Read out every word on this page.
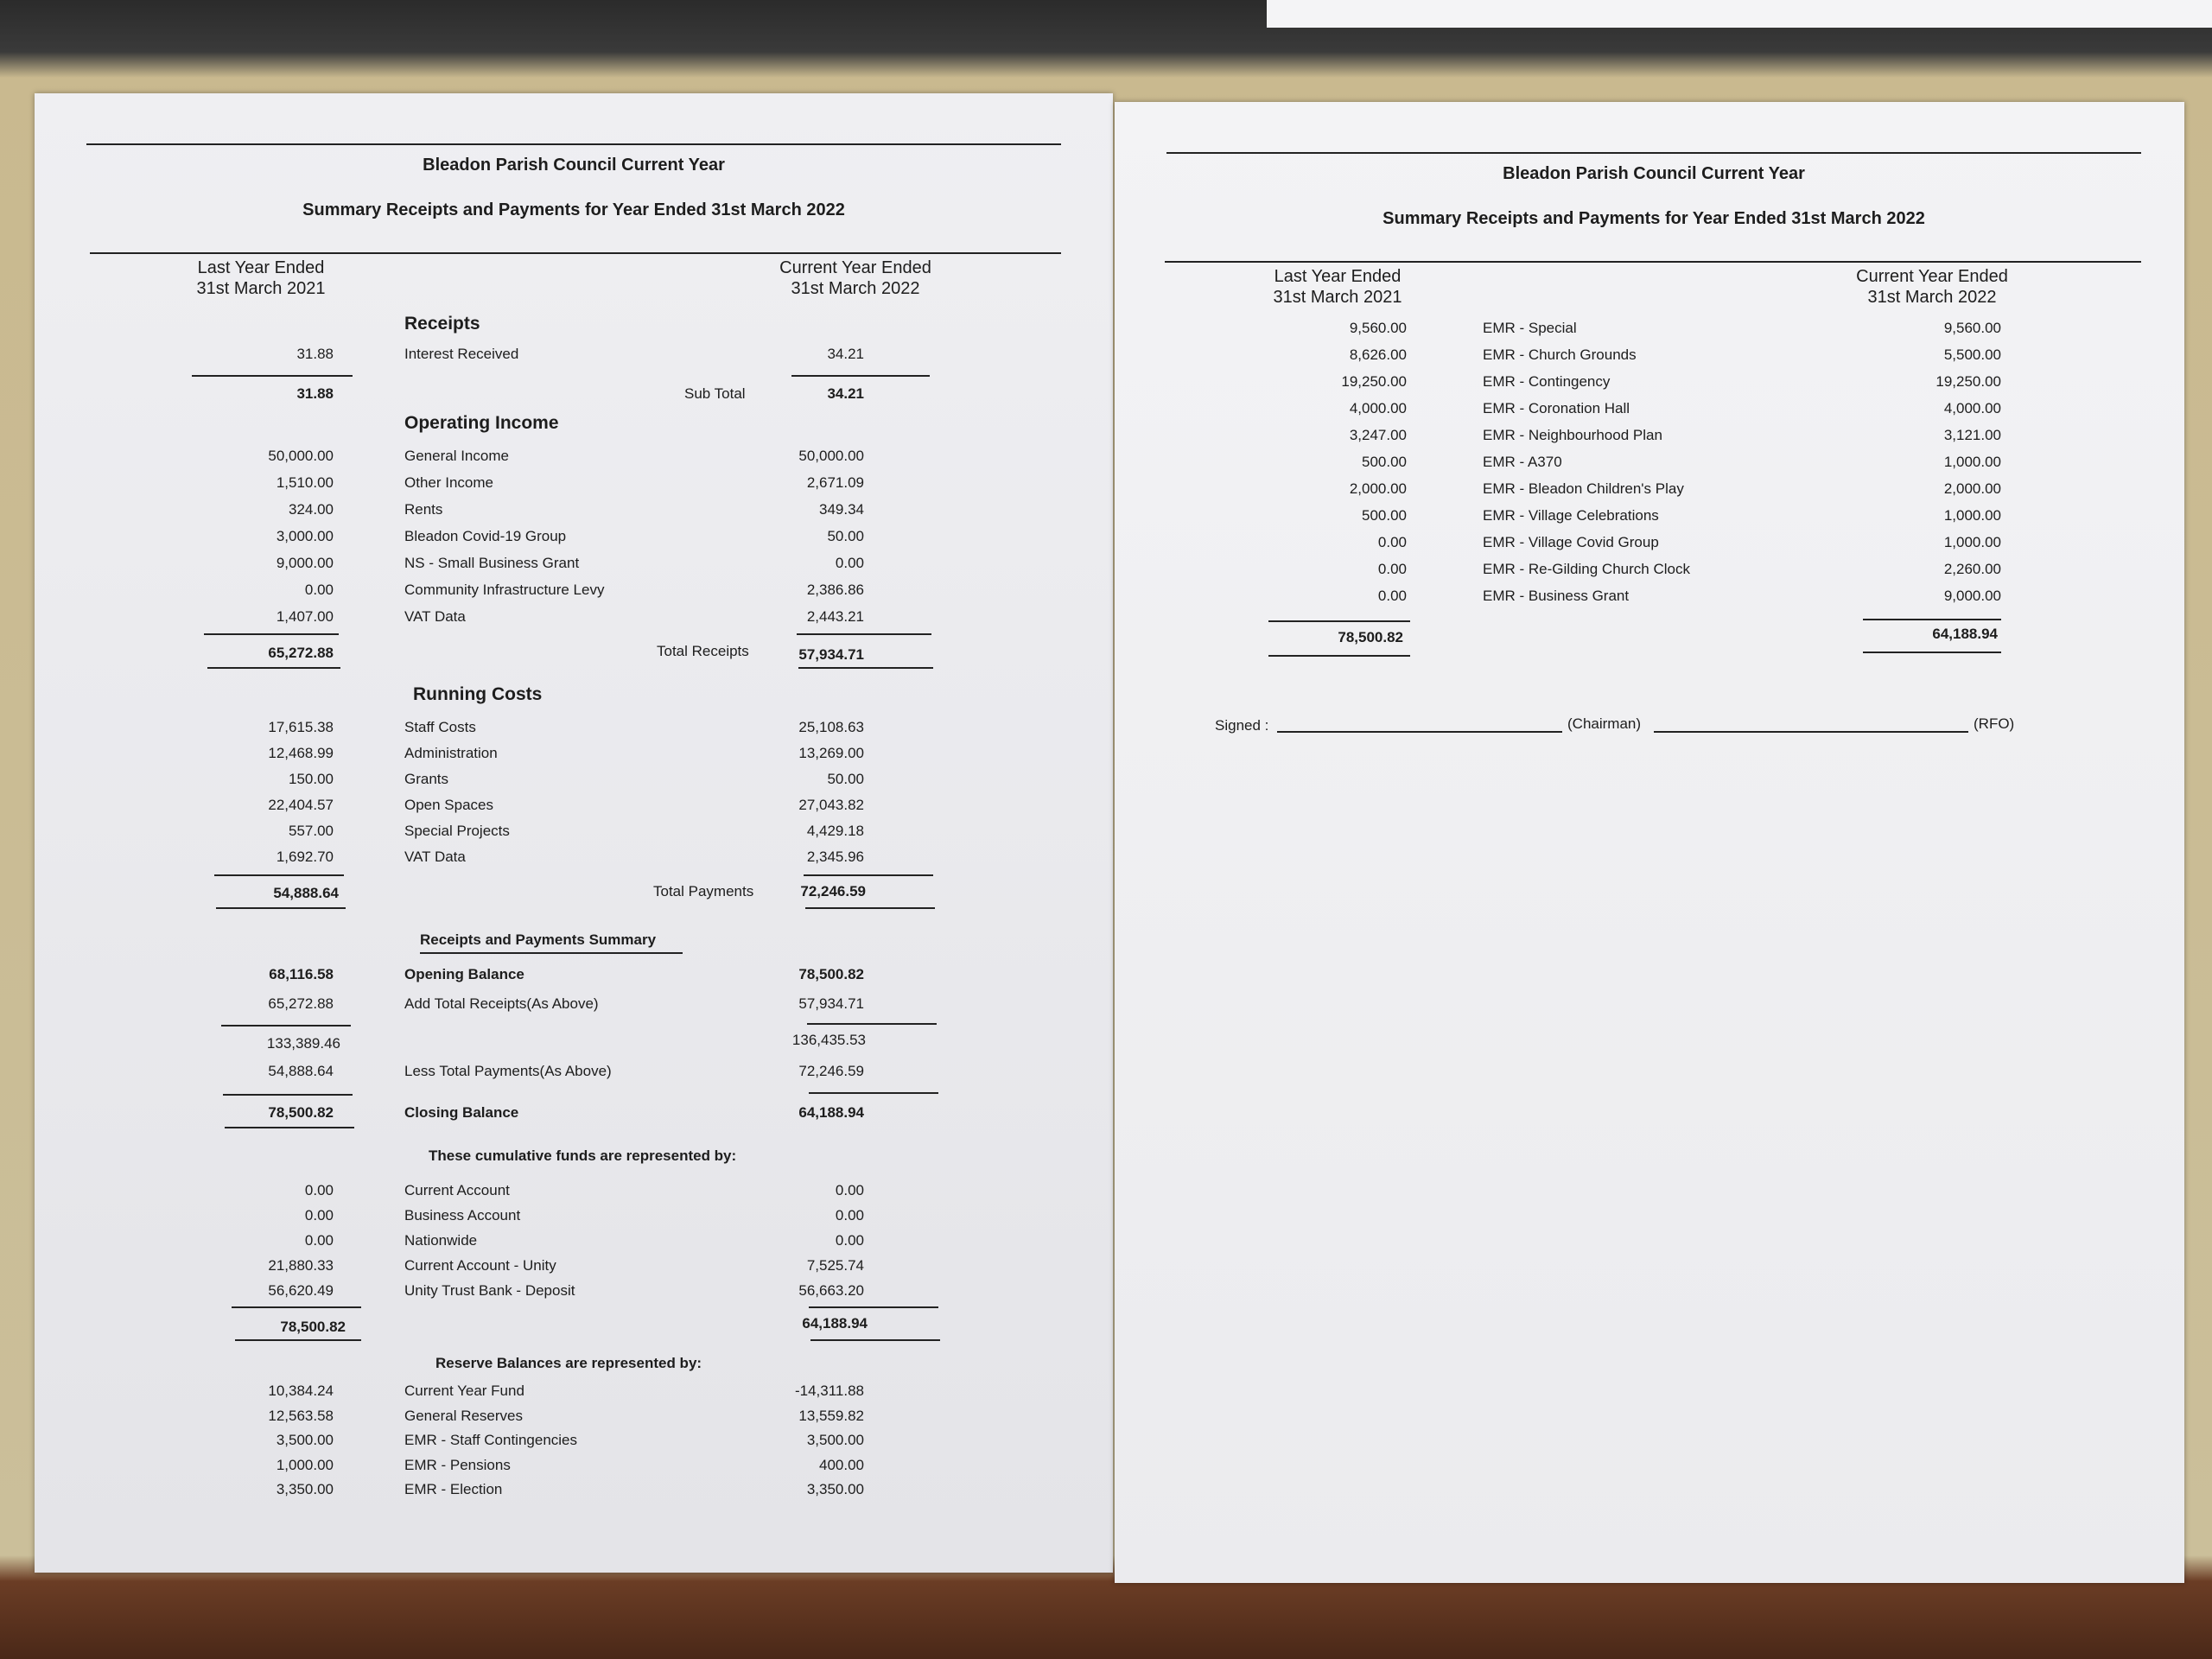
Bleadon Parish Council Current Year
Summary Receipts and Payments for Year Ended 31st March 2022
Last Year Ended
31st March 2021
Current Year Ended
31st March 2022
Receipts
31.88	Interest Received	34.21
31.88	Sub Total	34.21
Operating Income
50,000.00	General Income	50,000.00
1,510.00	Other Income	2,671.09
324.00	Rents	349.34
3,000.00	Bleadon Covid-19 Group	50.00
9,000.00	NS - Small Business Grant	0.00
0.00	Community Infrastructure Levy	2,386.86
1,407.00	VAT Data	2,443.21
65,272.88	Total Receipts	57,934.71
Running Costs
17,615.38	Staff Costs	25,108.63
12,468.99	Administration	13,269.00
150.00	Grants	50.00
22,404.57	Open Spaces	27,043.82
557.00	Special Projects	4,429.18
1,692.70	VAT Data	2,345.96
54,888.64	Total Payments	72,246.59
Receipts and Payments Summary
68,116.58	Opening Balance	78,500.82
65,272.88	Add Total Receipts(As Above)	57,934.71
133,389.46	136,435.53
54,888.64	Less Total Payments(As Above)	72,246.59
78,500.82	Closing Balance	64,188.94
These cumulative funds are represented by:
0.00	Current Account	0.00
0.00	Business Account	0.00
0.00	Nationwide	0.00
21,880.33	Current Account - Unity	7,525.74
56,620.49	Unity Trust Bank - Deposit	56,663.20
78,500.82	64,188.94
Reserve Balances are represented by:
10,384.24	Current Year Fund	-14,311.88
12,563.58	General Reserves	13,559.82
3,500.00	EMR - Staff Contingencies	3,500.00
1,000.00	EMR - Pensions	400.00
3,350.00	EMR - Election	3,350.00
Bleadon Parish Council Current Year
Summary Receipts and Payments for Year Ended 31st March 2022
Last Year Ended
31st March 2021
Current Year Ended
31st March 2022
9,560.00	EMR - Special	9,560.00
8,626.00	EMR - Church Grounds	5,500.00
19,250.00	EMR - Contingency	19,250.00
4,000.00	EMR - Coronation Hall	4,000.00
3,247.00	EMR - Neighbourhood Plan	3,121.00
500.00	EMR - A370	1,000.00
2,000.00	EMR - Bleadon Children's Play	2,000.00
500.00	EMR - Village Celebrations	1,000.00
0.00	EMR - Village Covid Group	1,000.00
0.00	EMR - Re-Gilding Church Clock	2,260.00
0.00	EMR - Business Grant	9,000.00
78,500.82	64,188.94
Signed :	(Chairman)	(RFO)
